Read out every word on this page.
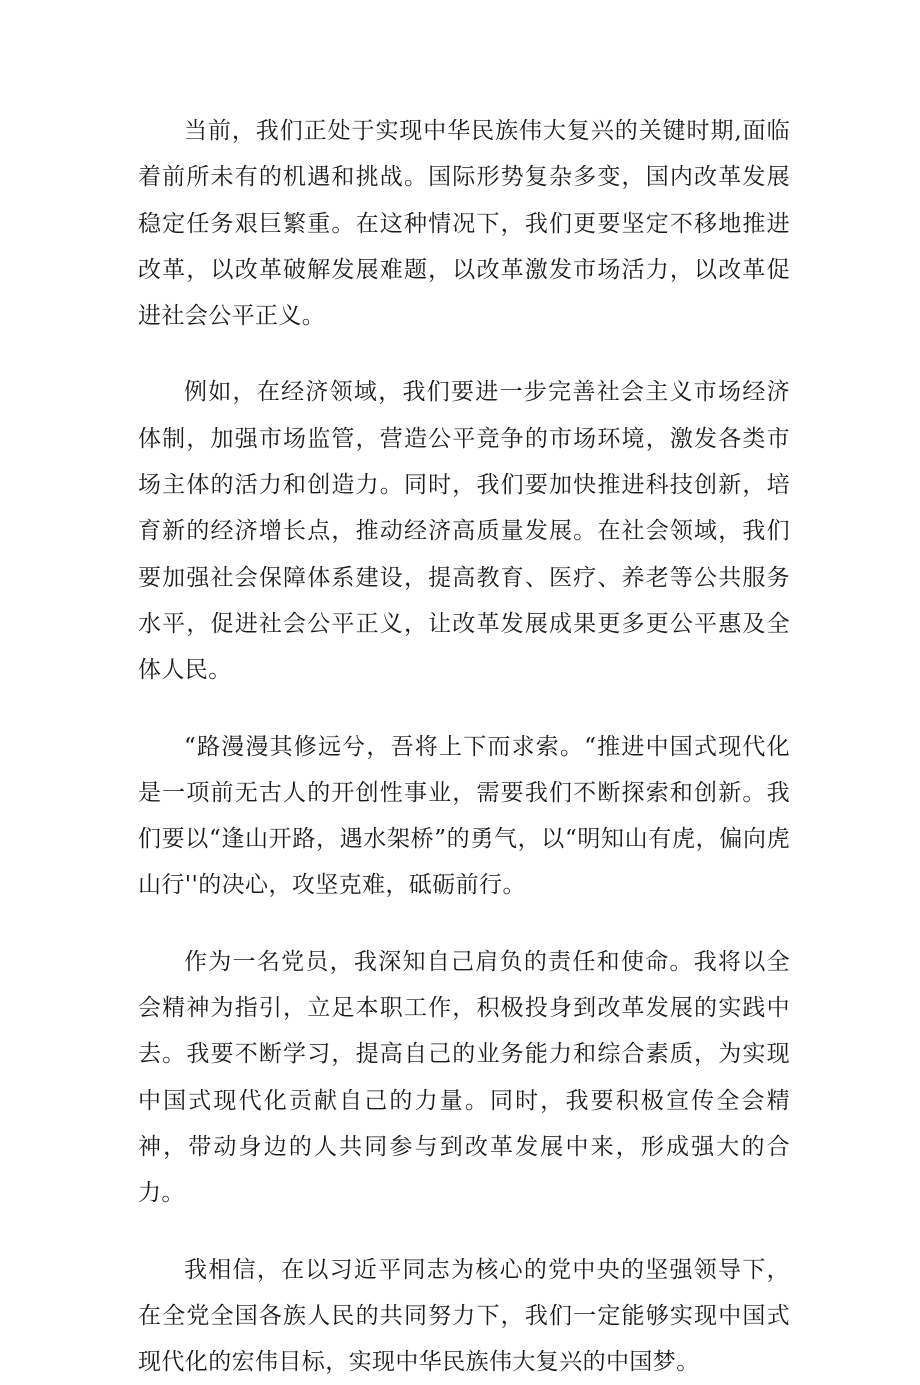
当前，我们正处于实现中华民族伟大复兴的关键时期,面临着前所未有的机遇和挑战。国际形势复杂多变，国内改革发展稳定任务艰巨繁重。在这种情况下，我们更要坚定不移地推进改革，以改革破解发展难题，以改革激发市场活力，以改革促进社会公平正义。

例如，在经济领域，我们要进一步完善社会主义市场经济体制，加强市场监管，营造公平竞争的市场环境，激发各类市场主体的活力和创造力。同时，我们要加快推进科技创新，培育新的经济增长点，推动经济高质量发展。在社会领域，我们要加强社会保障体系建设，提高教育、医疗、养老等公共服务水平，促进社会公平正义，让改革发展成果更多更公平惠及全体人民。

“路漫漫其修远兮，吾将上下而求索。“推进中国式现代化是一项前无古人的开创性事业，需要我们不断探索和创新。我们要以“逢山开路，遇水架桥”的勇气，以“明知山有虎，偏向虎山行''的决心，攻坚克难，砥砺前行。

作为一名党员，我深知自己肩负的责任和使命。我将以全会精神为指引，立足本职工作，积极投身到改革发展的实践中去。我要不断学习，提高自己的业务能力和综合素质，为实现中国式现代化贡献自己的力量。同时，我要积极宣传全会精神，带动身边的人共同参与到改革发展中来，形成强大的合力。

我相信，在以习近平同志为核心的党中央的坚强领导下，在全党全国各族人民的共同努力下，我们一定能够实现中国式现代化的宏伟目标，实现中华民族伟大复兴的中国梦。
